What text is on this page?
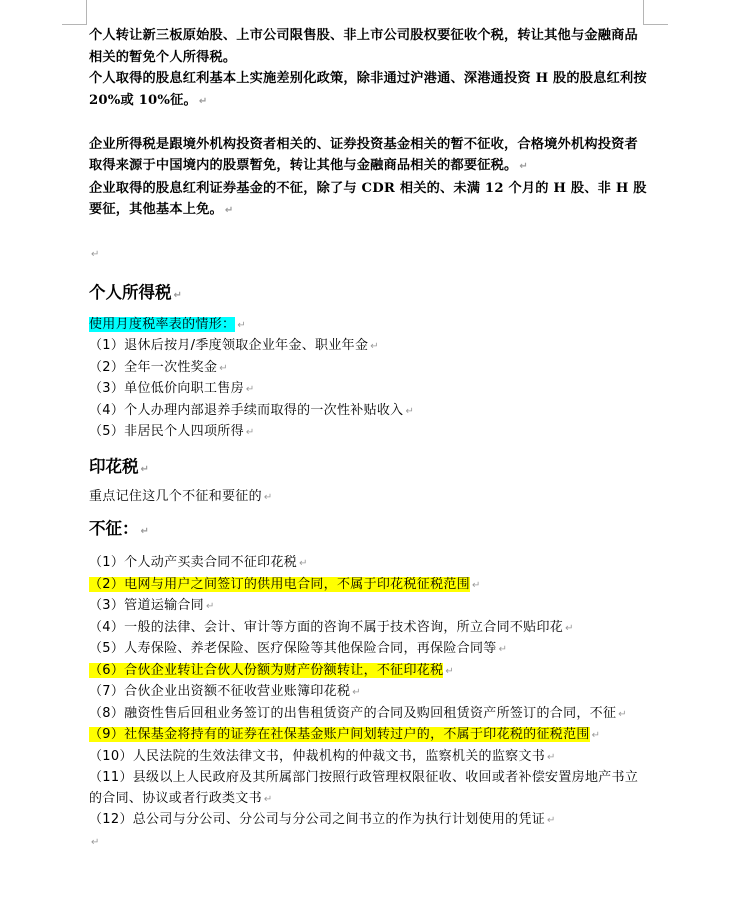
个人转让新三板原始股、上市公司限售股、非上市公司股权要征收个税，转让其他与金融商品相关的暂免个人所得税。

个人取得的股息红利基本上实施差别化政策，除非通过沪港通、深港通投资 H 股的股息红利按 20%或 10%征。 ↵

企业所得税是跟境外机构投资者相关的、证券投资基金相关的暂不征收，合格境外机构投资者取得来源于中国境内的股票暂免，转让其他与金融商品相关的都要征税。 ↵

企业取得的股息红利证券基金的不征，除了与 CDR 相关的、未满 12 个月的 H 股、非 H 股要征，其他基本上免。 ↵

↵

个人所得税 ↵

使用月度税率表的情形： ↵

（1）退休后按月/季度领取企业年金、职业年金 ↵

（2）全年一次性奖金 ↵

（3）单位低价向职工售房 ↵

（4）个人办理内部退养手续而取得的一次性补贴收入 ↵

（5）非居民个人四项所得 ↵

印花税 ↵

重点记住这几个不征和要征的 ↵

不征： ↵

（1）个人动产买卖合同不征印花税 ↵

（2）电网与用户之间签订的供用电合同，不属于印花税征税范围 ↵

（3）管道运输合同 ↵

（4）一般的法律、会计、审计等方面的咨询不属于技术咨询，所立合同不贴印花 ↵

（5）人寿保险、养老保险、医疗保险等其他保险合同，再保险合同等 ↵

（6）合伙企业转让合伙人份额为财产份额转让，不征印花税 ↵

（7）合伙企业出资额不征收营业账簿印花税 ↵

（8）融资性售后回租业务签订的出售租赁资产的合同及购回租赁资产所签订的合同，不征 ↵

（9）社保基金将持有的证券在社保基金账户间划转过户的，不属于印花税的征税范围 ↵

（10）人民法院的生效法律文书，仲裁机构的仲裁文书，监察机关的监察文书 ↵

（11）县级以上人民政府及其所属部门按照行政管理权限征收、收回或者补偿安置房地产书立的合同、协议或者行政类文书 ↵

（12）总公司与分公司、分公司与分公司之间书立的作为执行计划使用的凭证 ↵

↵
